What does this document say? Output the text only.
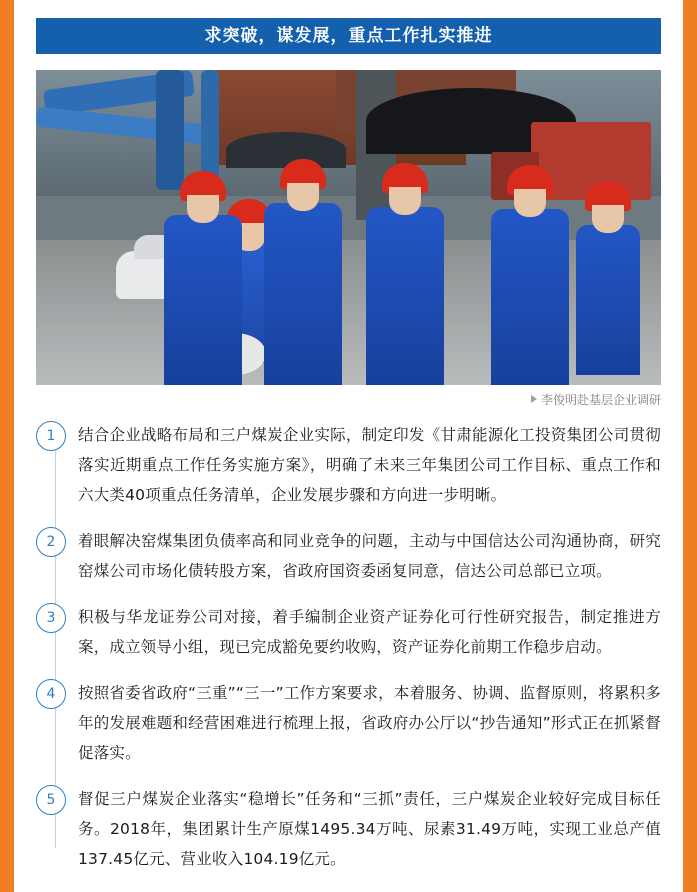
求突破，谋发展，重点工作扎实推进
李俊明赴基层企业调研
1	结合企业战略布局和三户煤炭企业实际，制定印发《甘肃能源化工投资集团公司贯彻落实近期重点工作任务实施方案》，明确了未来三年集团公司工作目标、重点工作和六大类40项重点任务清单，企业发展步骤和方向进一步明晰。
2	着眼解决窑煤集团负债率高和同业竞争的问题，主动与中国信达公司沟通协商，研究窑煤公司市场化债转股方案，省政府国资委函复同意，信达公司总部已立项。
3	积极与华龙证券公司对接，着手编制企业资产证券化可行性研究报告，制定推进方案，成立领导小组，现已完成豁免要约收购，资产证券化前期工作稳步启动。
4	按照省委省政府“三重”“三一”工作方案要求，本着服务、协调、监督原则，将累积多年的发展难题和经营困难进行梳理上报，省政府办公厅以“抄告通知”形式正在抓紧督促落实。
5	督促三户煤炭企业落实“稳增长”任务和“三抓”责任，三户煤炭企业较好完成目标任务。2018年，集团累计生产原煤1495.34万吨、尿素31.49万吨，实现工业总产值137.45亿元、营业收入104.19亿元。
